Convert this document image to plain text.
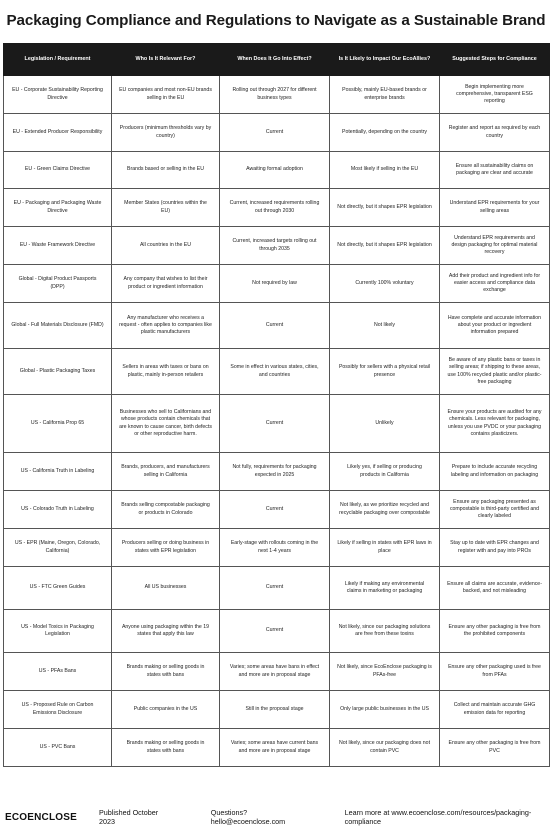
Packaging Compliance and Regulations to Navigate as a Sustainable Brand
Legislation / Requirement	Who Is It Relevant For?	When Does It Go Into Effect?	Is It Likely to Impact Our EcoAllies?	Suggested Steps for Compliance
EU - Corporate Sustainability Reporting Directive	EU companies and most non-EU brands selling in the EU	Rolling out through 2027 for different business types	Possibly, mainly EU-based brands or enterprise brands	Begin implementing more comprehensive, transparent ESG reporting
EU - Extended Producer Responsibility	Producers (minimum thresholds vary by country)	Current	Potentially, depending on the country	Register and report as required by each country
EU - Green Claims Directive	Brands based or selling in the EU	Awaiting formal adoption	Most likely if selling in the EU	Ensure all sustainability claims on packaging are clear and accurate
EU - Packaging and Packaging Waste Directive	Member States (countries within the EU)	Current, increased requirements rolling out through 2030	Not directly, but it shapes EPR legislation	Understand EPR requirements for your selling areas
EU - Waste Framework Directive	All countries in the EU	Current, increased targets rolling out through 2035	Not directly, but it shapes EPR legislation	Understand EPR requirements and design packaging for optimal material recovery
Global - Digital Product Passports (DPP)	Any company that wishes to list their product or ingredient information	Not required by law	Currently 100% voluntary	Add their product and ingredient info for easier access and compliance data exchange
Global - Full Materials Disclosure (FMD)	Any manufacturer who receives a request - often applies to companies like plastic manufacturers	Current	Not likely	Have complete and accurate information about your product or ingredient information prepared
Global - Plastic Packaging Taxes	Sellers in areas with taxes or bans on plastic, mainly in-person retailers	Some in effect in various states, cities, and countries	Possibly for sellers with a physical retail presence	Be aware of any plastic bans or taxes in selling areas; if shipping to these areas, use 100% recycled plastic and/or plastic-free packaging
US - California Prop 65	Businesses who sell to Californians and whose products contain chemicals that are known to cause cancer, birth defects or other reproductive harm.	Current	Unlikely	Ensure your products are audited for any chemicals. Less relevant for packaging, unless you use PVDC or your packaging contains plasticizers.
US - California Truth in Labeling	Brands, producers, and manufacturers selling in California	Not fully, requirements for packaging expected in 2025	Likely yes, if selling or producing products in California	Prepare to include accurate recycling labeling and information on packaging
US - Colorado Truth in Labeling	Brands selling compostable packaging or products in Colorado	Current	Not likely, as we prioritize recycled and recyclable packaging over compostable	Ensure any packaging presented as compostable is third-party certified and clearly labeled
US - EPR (Maine, Oregon, Colorado, California)	Producers selling or doing business in states with EPR legislation	Early-stage with rollouts coming in the next 1-4 years	Likely if selling in states with EPR laws in place	Stay up to date with EPR changes and register with and pay into PROs
US - FTC Green Guides	All US businesses	Current	Likely if making any environmental claims in marketing or packaging	Ensure all claims are accurate, evidence-backed, and not misleading
US - Model Toxics in Packaging Legislation	Anyone using packaging within the 19 states that apply this law	Current	Not likely, since our packaging solutions are free from these toxins	Ensure any other packaging is free from the prohibited components
US - PFAs Bans	Brands making or selling goods in states with bans	Varies; some areas have bans in effect and more are in proposal stage	Not likely, since EcoEnclose packaging is PFAs-free	Ensure any other packaging used is free from PFAs
US - Proposed Rule on Carbon Emissions Disclosure	Public companies in the US	Still in the proposal stage	Only large public businesses in the US	Collect and maintain accurate GHG emission data for reporting
US - PVC Bans	Brands making or selling goods in states with bans	Varies; some areas have current bans and more are in proposal stage	Not likely, since our packaging does not contain PVC	Ensure any other packaging is free from PVC
ECOENCLOSE	Published October 2023
Questions? hello@ecoenclose.com
Learn more at www.ecoenclose.com/resources/packaging-compliance
